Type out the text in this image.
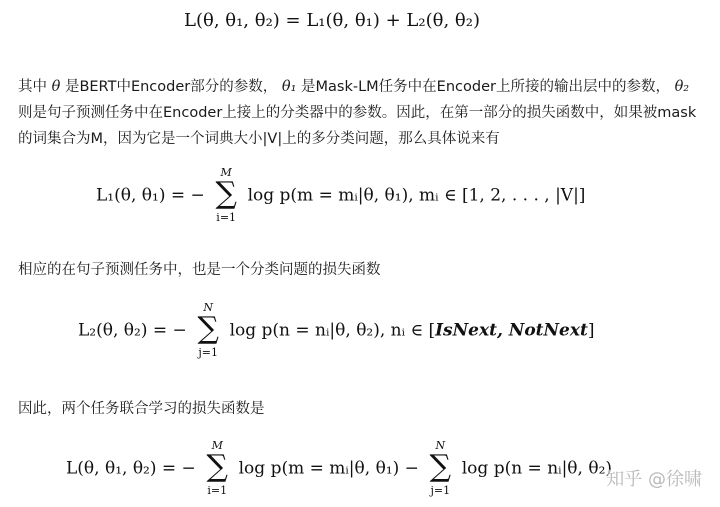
L(θ, θ₁, θ₂) = L₁(θ, θ₁) + L₂(θ, θ₂)
其中 θ 是BERT中Encoder部分的参数， θ₁ 是Mask-LM任务中在Encoder上所接的输出层中的参数， θ₂ 则是句子预测任务中在Encoder上接上的分类器中的参数。因此，在第一部分的损失函数中，如果被mask的词集合为M，因为它是一个词典大小|V|上的多分类问题，那么具体说来有
L₁(θ, θ₁) = −
M
∑
i=1
log p(m = mᵢ|θ, θ₁), mᵢ ∈ [1, 2, . . . , |V|]
相应的在句子预测任务中，也是一个分类问题的损失函数
L₂(θ, θ₂) = −
N
∑
j=1
log p(n = nᵢ|θ, θ₂), nᵢ ∈ [IsNext, NotNext]
因此，两个任务联合学习的损失函数是
L(θ, θ₁, θ₂) = −
M
∑
i=1
log p(m = mᵢ|θ, θ₁) −
N
∑
j=1
log p(n = nᵢ|θ, θ₂)
知乎 @徐啸
